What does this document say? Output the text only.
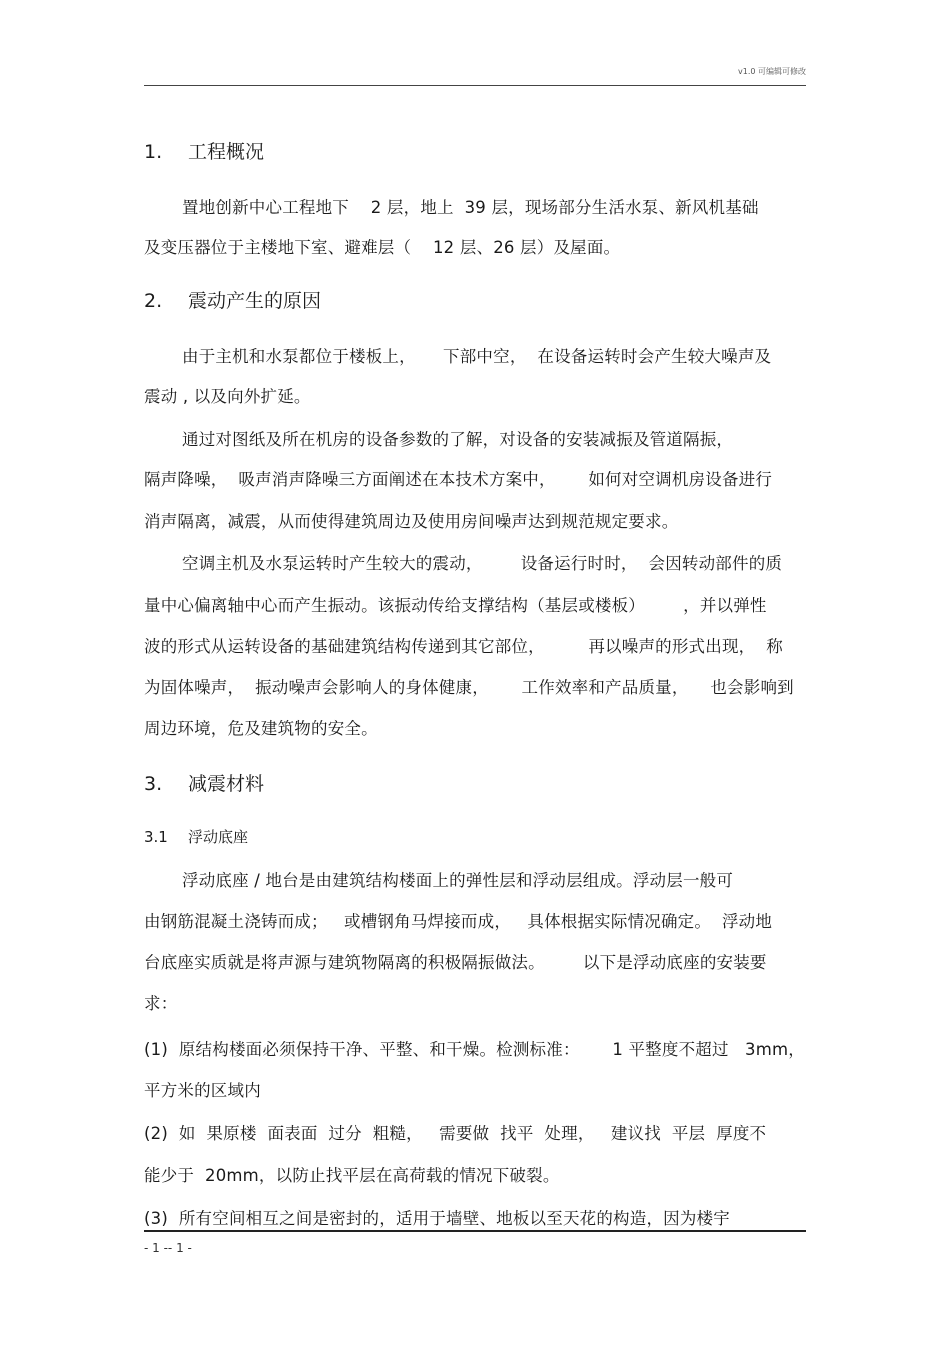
v1.0 可编辑可修改
1. 工程概况
置地创新中心工程地下    2 层，地上  39 层，现场部分生活水泵、新风机基础
及变压器位于主楼地下室、避难层（    12 层、26 层）及屋面。
2. 震动产生的原因
由于主机和水泵都位于楼板上，     下部中空，  在设备运转时会产生较大噪声及
震动 , 以及向外扩延。
通过对图纸及所在机房的设备参数的了解，对设备的安装减振及管道隔振，
隔声降噪，  吸声消声降噪三方面阐述在本技术方案中，      如何对空调机房设备进行
消声隔离，减震，从而使得建筑周边及使用房间噪声达到规范规定要求。
空调主机及水泵运转时产生较大的震动，       设备运行时时，  会因转动部件的质
量中心偏离轴中心而产生振动。该振动传给支撑结构（基层或楼板）       ，并以弹性
波的形式从运转设备的基础建筑结构传递到其它部位，        再以噪声的形式出现，  称
为固体噪声，  振动噪声会影响人的身体健康，      工作效率和产品质量，    也会影响到
周边环境，危及建筑物的安全。
3. 减震材料
3.1 浮动底座
浮动底座 / 地台是由建筑结构楼面上的弹性层和浮动层组成。浮动层一般可
由钢筋混凝土浇铸而成；   或槽钢角马焊接而成，   具体根据实际情况确定。  浮动地
台底座实质就是将声源与建筑物隔离的积极隔振做法。       以下是浮动底座的安装要
求：
(1)  原结构楼面必须保持干净、平整、和干燥。检测标准：      1 平整度不超过   3mm，
平方米的区域内
(2)  如  果原楼  面表面  过分  粗糙，   需要做  找平  处理，   建议找  平层  厚度不
能少于  20mm，以防止找平层在高荷载的情况下破裂。
(3)  所有空间相互之间是密封的，适用于墙壁、地板以至天花的构造，因为楼宇
- 1 -- 1 -
